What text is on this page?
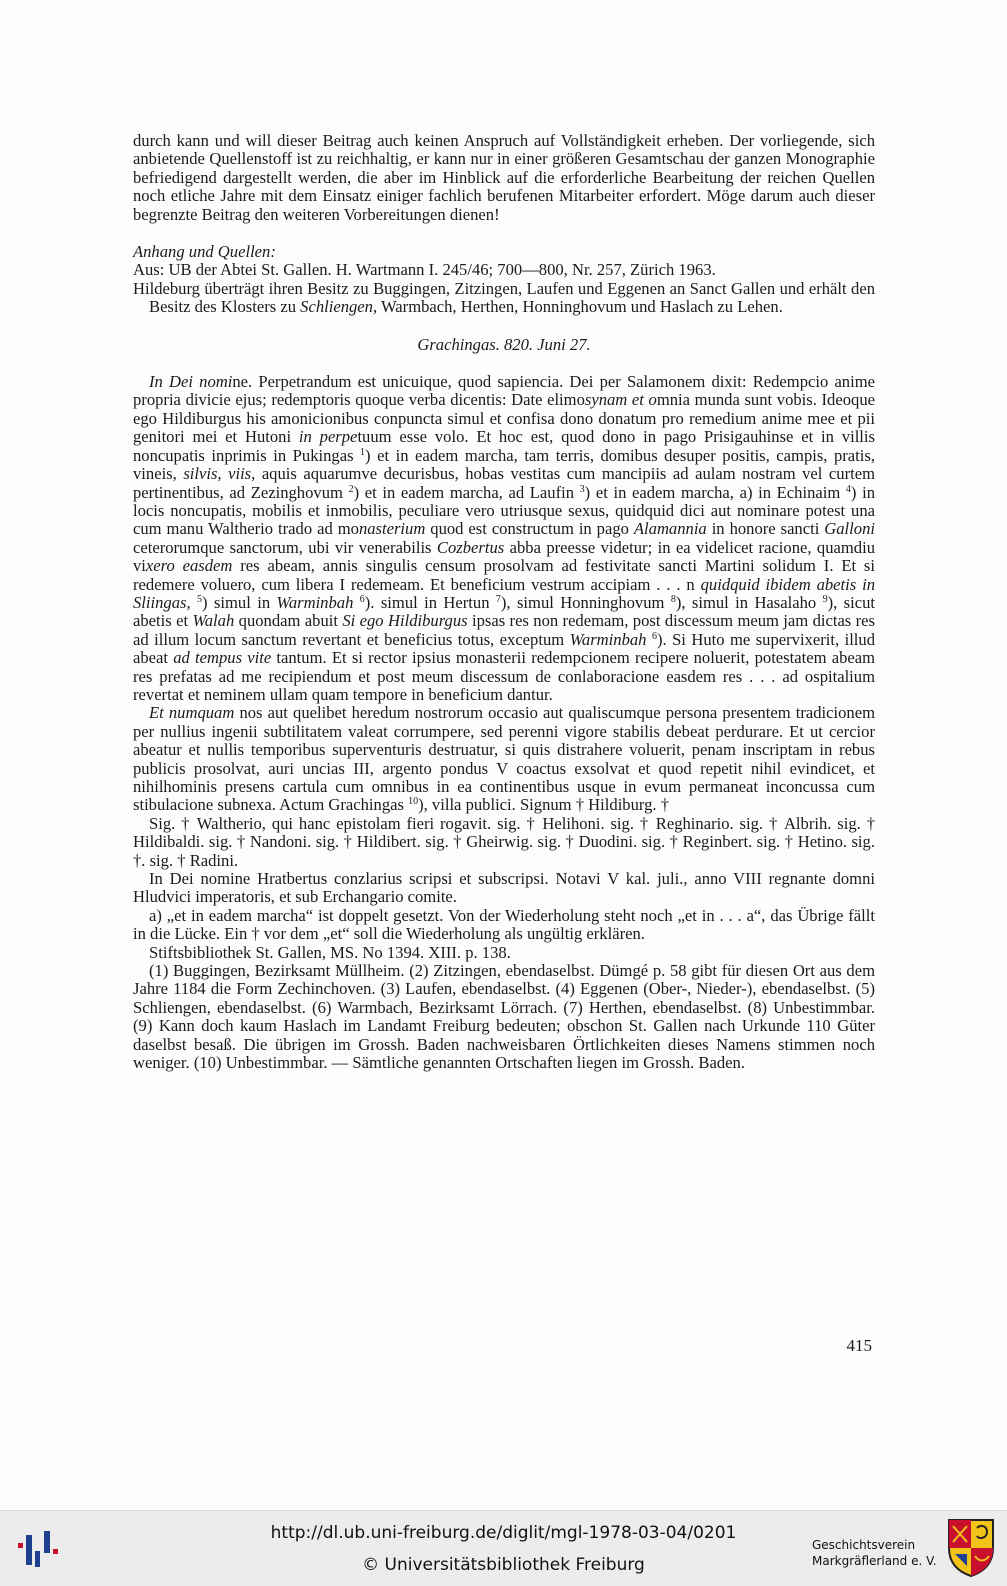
durch kann und will dieser Beitrag auch keinen Anspruch auf Vollständigkeit erheben. Der vorliegende, sich anbietende Quellenstoff ist zu reichhaltig, er kann nur in einer größeren Gesamtschau der ganzen Monographie befriedigend dargestellt werden, die aber im Hinblick auf die erforderliche Bearbeitung der reichen Quellen noch etliche Jahre mit dem Einsatz einiger fachlich berufenen Mitarbeiter erfordert. Möge darum auch dieser begrenzte Beitrag den weiteren Vorbereitungen dienen!

Anhang und Quellen:

Aus: UB der Abtei St. Gallen. H. Wartmann I. 245/46; 700—800, Nr. 257, Zürich 1963.

Hildeburg überträgt ihren Besitz zu Buggingen, Zitzingen, Laufen und Eggenen an Sanct Gallen und erhält den Besitz des Klosters zu Schliengen, Warmbach, Herthen, Honninghovum und Haslach zu Lehen.

Grachingas. 820. Juni 27.

In Dei nomine. Perpetrandum est unicuique, quod sapiencia. Dei per Salamonem dixit: Redempcio anime propria divicie ejus; redemptoris quoque verba dicentis: Date elimosynam et omnia munda sunt vobis. Ideoque ego Hildiburgus his amonicionibus conpuncta simul et confisa dono donatum pro remedium anime mee et pii genitori mei et Hutoni in perpetuum esse volo. Et hoc est, quod dono in pago Prisigauhinse et in villis noncupatis inprimis in Pukingas $^1$) et in eadem marcha, tam terris, domibus desuper positis, campis, pratis, vineis, silvis, viis, aquis aquarumve decurisbus, hobas vestitas cum mancipiis ad aulam nostram vel curtem pertinentibus, ad Zezinghovum $^2$) et in eadem marcha, ad Laufin $^3$) et in eadem marcha, a) in Echinaim $^4$) in locis noncupatis, mobilis et inmobilis, peculiare vero utriusque sexus, quidquid dici aut nominare potest una cum manu Waltherio trado ad monasterium quod est constructum in pago Alamannia in honore sancti Galloni ceterorumque sanctorum, ubi vir venerabilis Cozbertus abba preesse videtur; in ea videlicet racione, quamdiu vixero easdem res abeam, annis singulis censum prosolvam ad festivitate sancti Martini solidum I. Et si redemere voluero, cum libera I redemeam. Et beneficium vestrum accipiam . . . n quidquid ibidem abetis in Sliingas, $^5$) simul in Warminbah $^6$). simul in Hertun $^7$), simul Honninghovum $^8$), simul in Hasalaho $^9$), sicut abetis et Walah quondam abuit Si ego Hildiburgus ipsas res non redemam, post discessum meum jam dictas res ad illum locum sanctum revertant et beneficius totus, exceptum Warminbah $^6$). Si Huto me supervixerit, illud abeat ad tempus vite tantum. Et si rector ipsius monasterii redempcionem recipere noluerit, potestatem abeam res prefatas ad me recipiendum et post meum discessum de conlaboracione easdem res . . . ad ospitalium revertat et neminem ullam quam tempore in beneficium dantur.

Et numquam nos aut quelibet heredum nostrorum occasio aut qualiscumque persona presentem tradicionem per nullius ingenii subtilitatem valeat corrumpere, sed perenni vigore stabilis debeat perdurare. Et ut cercior abeatur et nullis temporibus superventuris destruatur, si quis distrahere voluerit, penam inscriptam in rebus publicis prosolvat, auri uncias III, argento pondus V coactus exsolvat et quod repetit nihil evindicet, et nihilhominis presens cartula cum omnibus in ea continentibus usque in evum permaneat inconcussa cum stibulacione subnexa. Actum Grachingas $^{10}$), villa publici. Signum † Hildiburg. †

Sig. † Waltherio, qui hanc epistolam fieri rogavit. sig. † Helihoni. sig. † Reghinario. sig. † Albrih. sig. † Hildibaldi. sig. † Nandoni. sig. † Hildibert. sig. † Gheirwig. sig. † Duodini. sig. † Reginbert. sig. † Hetino. sig. †. sig. † Radini.

In Dei nomine Hratbertus conzlarius scripsi et subscripsi. Notavi V kal. juli., anno VIII regnante domni Hludvici imperatoris, et sub Erchangario comite.

a) „et in eadem marcha“ ist doppelt gesetzt. Von der Wiederholung steht noch „et in . . . a“, das Übrige fällt in die Lücke. Ein † vor dem „et“ soll die Wiederholung als ungültig erklären.

Stiftsbibliothek St. Gallen, MS. No 1394. XIII. p. 138.

(1) Buggingen, Bezirksamt Müllheim. (2) Zitzingen, ebendaselbst. Dümgé p. 58 gibt für diesen Ort aus dem Jahre 1184 die Form Zechinchoven. (3) Laufen, ebendaselbst. (4) Eggenen (Ober-, Nieder-), ebendaselbst. (5) Schliengen, ebendaselbst. (6) Warmbach, Bezirksamt Lörrach. (7) Herthen, ebendaselbst. (8) Unbestimmbar. (9) Kann doch kaum Haslach im Landamt Freiburg bedeuten; obschon St. Gallen nach Urkunde 110 Güter daselbst besaß. Die übrigen im Grossh. Baden nachweisbaren Örtlichkeiten dieses Namens stimmen noch weniger. (10) Unbestimmbar. — Sämtliche genannten Ortschaften liegen im Grossh. Baden.

415
http://dl.ub.uni-freiburg.de/diglit/mgl-1978-03-04/0201
© Universitätsbibliothek Freiburg
Geschichtsverein
Markgräflerland e. V.
